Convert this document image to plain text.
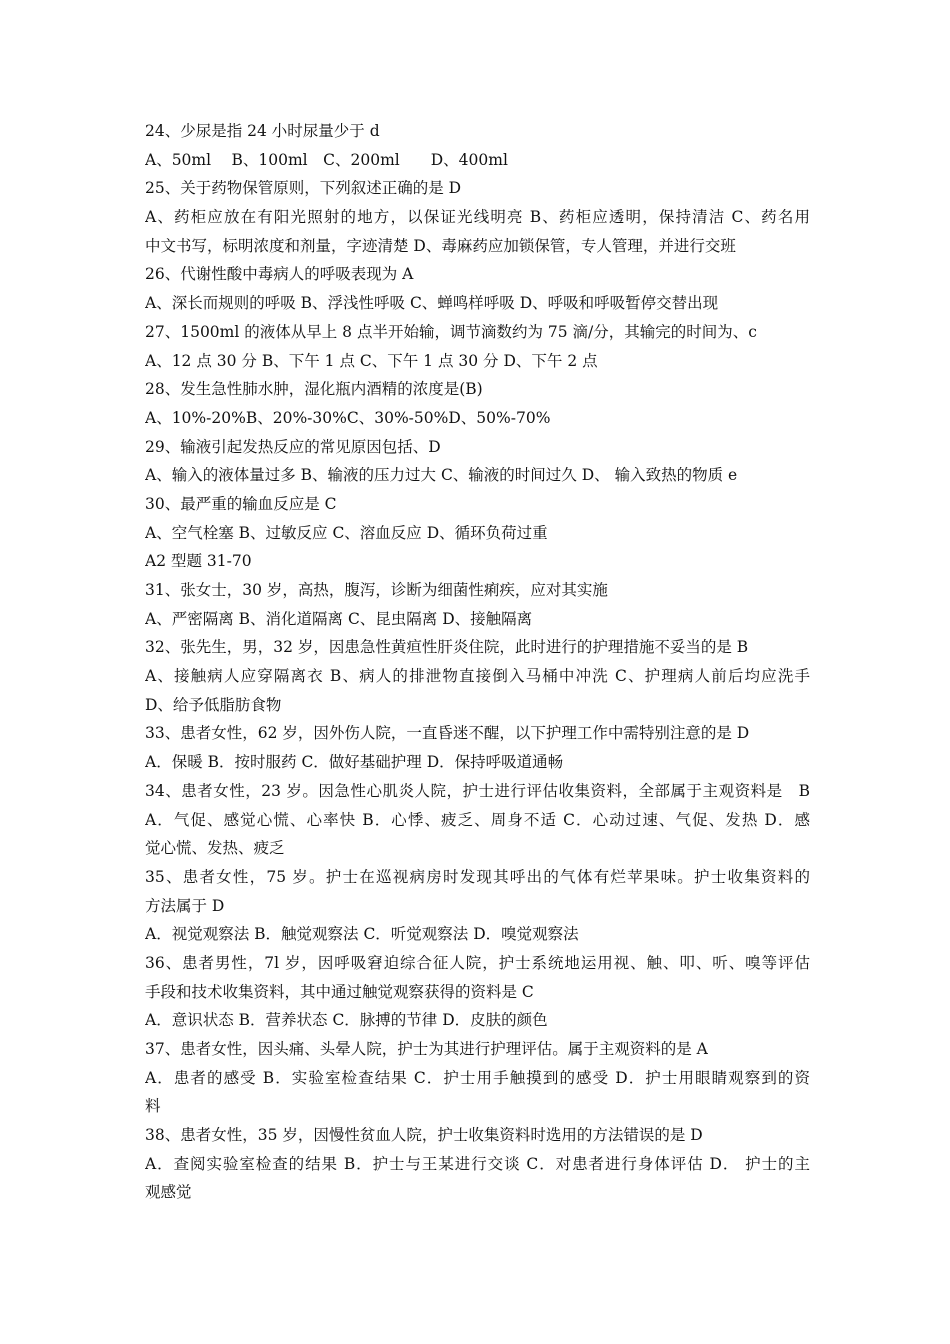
24、少尿是指 24 小时尿量少于 d
A、50ml　 B、100ml　C、200ml　　D、400ml
25、关于药物保管原则，下列叙述正确的是 D
A、药柜应放在有阳光照射的地方，以保证光线明亮 B、药柜应透明，保持清洁 C、药名用
中文书写，标明浓度和剂量，字迹清楚 D、毒麻药应加锁保管，专人管理，并进行交班
26、代谢性酸中毒病人的呼吸表现为 A
A、深长而规则的呼吸 B、浮浅性呼吸 C、蝉鸣样呼吸 D、呼吸和呼吸暂停交替出现
27、1500ml 的液体从早上 8 点半开始输，调节滴数约为 75 滴/分，其输完的时间为、c
A、12 点 30 分 B、下午 1 点 C、下午 1 点 30 分 D、下午 2 点
28、发生急性肺水肿，湿化瓶内酒精的浓度是(B)
A、10%-20%B、20%-30%C、30%-50%D、50%-70%
29、输液引起发热反应的常见原因包括、D
A、输入的液体量过多 B、输液的压力过大 C、输液的时间过久 D、 输入致热的物质 e
30、最严重的输血反应是 C
A、空气栓塞 B、过敏反应 C、溶血反应 D、循环负荷过重
A2 型题 31-70
31、张女士，30 岁，高热，腹泻，诊断为细菌性痢疾，应对其实施
A、严密隔离 B、消化道隔离 C、昆虫隔离 D、接触隔离
32、张先生，男，32 岁，因患急性黄疸性肝炎住院，此时进行的护理措施不妥当的是 B
A、接触病人应穿隔离衣 B、病人的排泄物直接倒入马桶中冲洗 C、护理病人前后均应洗手
D、给予低脂肪食物
33、患者女性，62 岁，因外伤人院，一直昏迷不醒，以下护理工作中需特别注意的是 D
A．保暖 B．按时服药 C．做好基础护理 D．保持呼吸道通畅
34、患者女性，23 岁。因急性心肌炎人院，护士进行评估收集资料，全部属于主观资料是　B
A．气促、感觉心慌、心率快 B．心悸、疲乏、周身不适 C．心动过速、气促、发热 D．感
觉心慌、发热、疲乏
35、患者女性，75 岁。护士在巡视病房时发现其呼出的气体有烂苹果味。护士收集资料的
方法属于 D
A．视觉观察法 B．触觉观察法 C．听觉观察法 D．嗅觉观察法
36、患者男性，7l 岁，因呼吸窘迫综合征人院，护士系统地运用视、触、叩、听、嗅等评估
手段和技术收集资料，其中通过触觉观察获得的资料是 C
A．意识状态 B．营养状态 C．脉搏的节律 D．皮肤的颜色
37、患者女性，因头痛、头晕人院，护士为其进行护理评估。属于主观资料的是 A
A．患者的感受 B．实验室检查结果 C．护士用手触摸到的感受 D．护士用眼睛观察到的资
料
38、患者女性，35 岁，因慢性贫血人院，护士收集资料时选用的方法错误的是 D
A．查阅实验室检查的结果 B．护士与王某进行交谈 C．对患者进行身体评估 D． 护士的主
观感觉
